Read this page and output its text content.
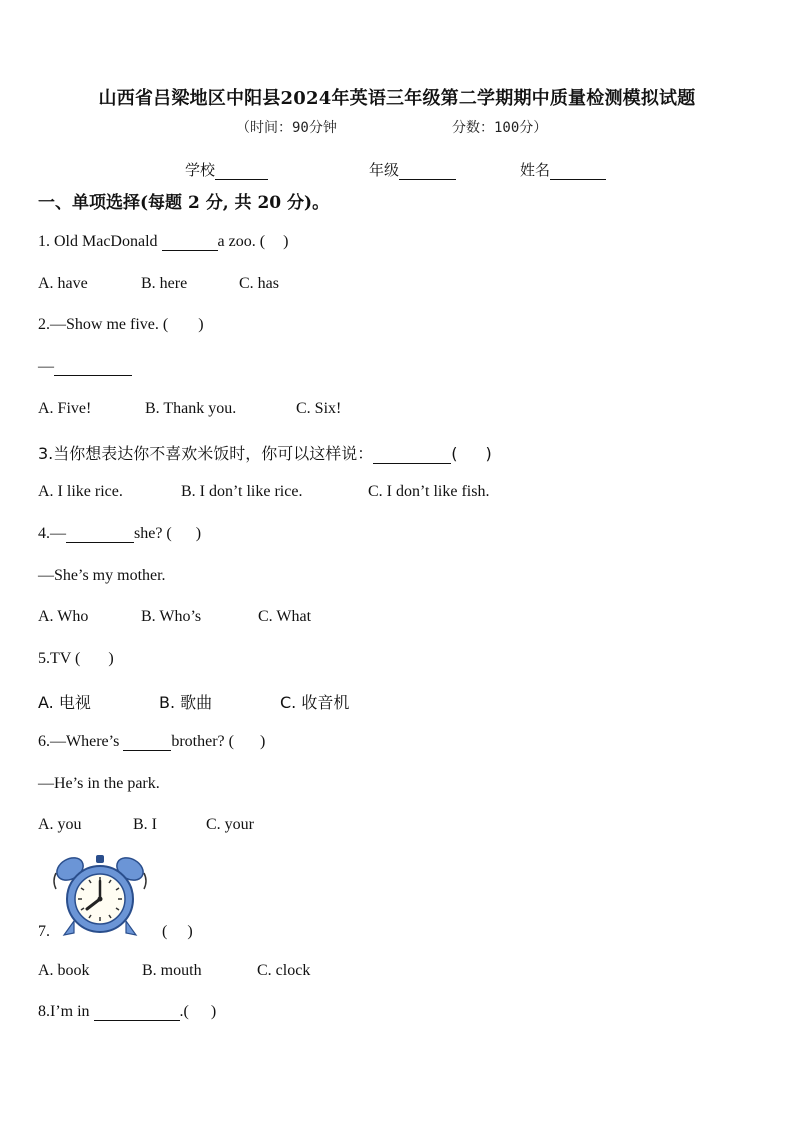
山西省吕梁地区中阳县2024年英语三年级第二学期期中质量检测模拟试题
（时间：90分钟	分数：100分）
学校	年级	姓名
一、单项选择(每题 2 分, 共 20 分)。
1. Old MacDonald	a zoo. ( )
A. have	B. here	C. has
2.—Show me five. ( )
—
A. Five!	B. Thank you.	C. Six!
3.当你想表达你不喜欢米饭时，你可以这样说：	( )
A. I like rice.	B. I don’t like rice.	C. I don’t like fish.
4.—	she? ( )
—She’s my mother.
A. Who	B. Who’s	C. What
5.TV ( )
A. 电视	B. 歌曲	C. 收音机
6.—Where’s	brother? ( )
—He’s in the park.
A. you	B. I	C. your
7.	( )
A. book	B. mouth	C. clock
8.I’m in	.( )
